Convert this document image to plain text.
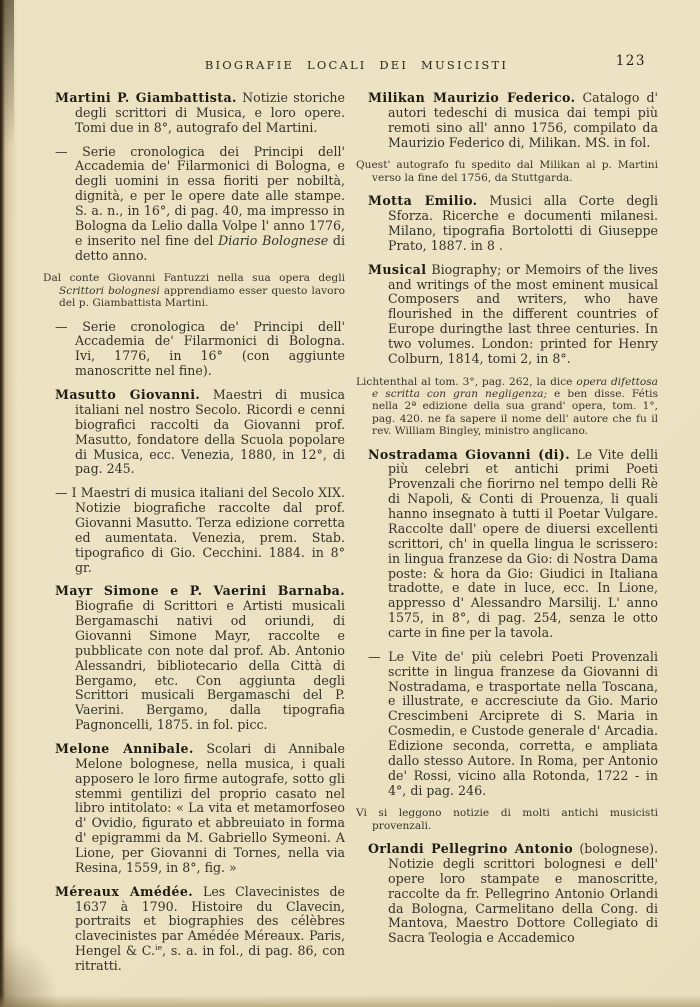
BIOGRAFIE LOCALI DEI MUSICISTI	123

Martini P. Giambattista. Notizie storiche degli scrittori di Musica, e loro opere. Tomi due in 8°, autografo del Martini.

— Serie cronologica dei Principi dell' Accademia de' Filarmonici di Bologna, e degli uomini in essa fioriti per nobiltà, dignità, e per le opere date alle stampe. S. a. n., in 16°, di pag. 40, ma impresso in Bologna da Lelio dalla Volpe l' anno 1776, e inserito nel fine del Diario Bolognese di detto anno.

Dal conte Giovanni Fantuzzi nella sua opera degli Scrittori bolognesi apprendiamo esser questo lavoro del p. Giambattista Martini.

— Serie cronologica de' Principi dell' Accademia de' Filarmonici di Bologna. Ivi, 1776, in 16° (con aggiunte manoscritte nel fine).

Masutto Giovanni. Maestri di musica italiani nel nostro Secolo. Ricordi e cenni biografici raccolti da Giovanni prof. Masutto, fondatore della Scuola popolare di Musica, ecc. Venezia, 1880, in 12°, di pag. 245.

— I Maestri di musica italiani del Secolo XIX. Notizie biografiche raccolte dal prof. Giovanni Masutto. Terza edizione corretta ed aumentata. Venezia, prem. Stab. tipografico di Gio. Cecchini. 1884. in 8° gr.

Mayr Simone e P. Vaerini Barnaba. Biografie di Scrittori e Artisti musicali Bergamaschi nativi od oriundi, di Giovanni Simone Mayr, raccolte e pubblicate con note dal prof. Ab. Antonio Alessandri, bibliotecario della Città di Bergamo, etc. Con aggiunta degli Scrittori musicali Bergamaschi del P. Vaerini. Bergamo, dalla tipografia Pagnoncelli, 1875. in fol. picc.

Melone Annibale. Scolari di Annibale Melone bolognese, nella musica, i quali apposero le loro firme autografe, sotto gli stemmi gentilizi del proprio casato nel libro intitolato: « La vita et metamorfoseo d' Ovidio, figurato et abbreuiato in forma d' epigrammi da M. Gabriello Symeoni. A Lione, per Giovanni di Tornes, nella via Resina, 1559, in 8°, fig. »

Méreaux Amédée. Les Clavecinistes de 1637 à 1790. Histoire du Clavecin, portraits et biographies des célèbres clavecinistes par Amédée Méreaux. Paris, Hengel & C.$^{ie}$, s. a. in fol., di pag. 86, con ritratti.

Milikan Maurizio Federico. Catalogo d' autori tedeschi di musica dai tempi più remoti sino all' anno 1756, compilato da Maurizio Federico di, Milikan. MS. in fol.

Quest' autografo fu spedito dal Milikan al p. Martini verso la fine del 1756, da Stuttgarda.

Motta Emilio. Musici alla Corte degli Sforza. Ricerche e documenti milanesi. Milano, tipografia Bortolotti di Giuseppe Prato, 1887. in 8 .

Musical Biography; or Memoirs of the lives and writings of the most eminent musical Composers and writers, who have flourished in the different countries of Europe duringthe last three centuries. In two volumes. London: printed for Henry Colburn, 1814, tomi 2, in 8°.

Lichtenthal al tom. 3°, pag. 262, la dice opera difettosa e scritta con gran negligenza; e ben disse. Fétis nella 2ª edizione della sua grand' opera, tom. 1°, pag. 420. ne fa sapere il nome dell' autore che fu il rev. William Bingley, ministro anglicano.

Nostradama Giovanni (di). Le Vite delli più celebri et antichi primi Poeti Provenzali che fiorirno nel tempo delli Rè di Napoli, & Conti di Prouenza, li quali hanno insegnato à tutti il Poetar Vulgare. Raccolte dall' opere de diuersi excellenti scrittori, ch' in quella lingua le scrissero: in lingua franzese da Gio: di Nostra Dama poste: & hora da Gio: Giudici in Italiana tradotte, e date in luce, ecc. In Lione, appresso d' Alessandro Marsilij. L' anno 1575, in 8°, di pag. 254, senza le otto carte in fine per la tavola.

— Le Vite de' più celebri Poeti Provenzali scritte in lingua franzese da Giovanni di Nostradama, e trasportate nella Toscana, e illustrate, e accresciute da Gio. Mario Crescimbeni Arciprete di S. Maria in Cosmedin, e Custode generale d' Arcadia. Edizione seconda, corretta, e ampliata dallo stesso Autore. In Roma, per Antonio de' Rossi, vicino alla Rotonda, 1722 - in 4°, di pag. 246.

Vi si leggono notizie di molti antichi musicisti provenzali.

Orlandi Pellegrino Antonio (bolognese). Notizie degli scrittori bolognesi e dell' opere loro stampate e manoscritte, raccolte da fr. Pellegrino Antonio Orlandi da Bologna, Carmelitano della Cong. di Mantova, Maestro Dottore Collegiato di Sacra Teologia e Accademico
